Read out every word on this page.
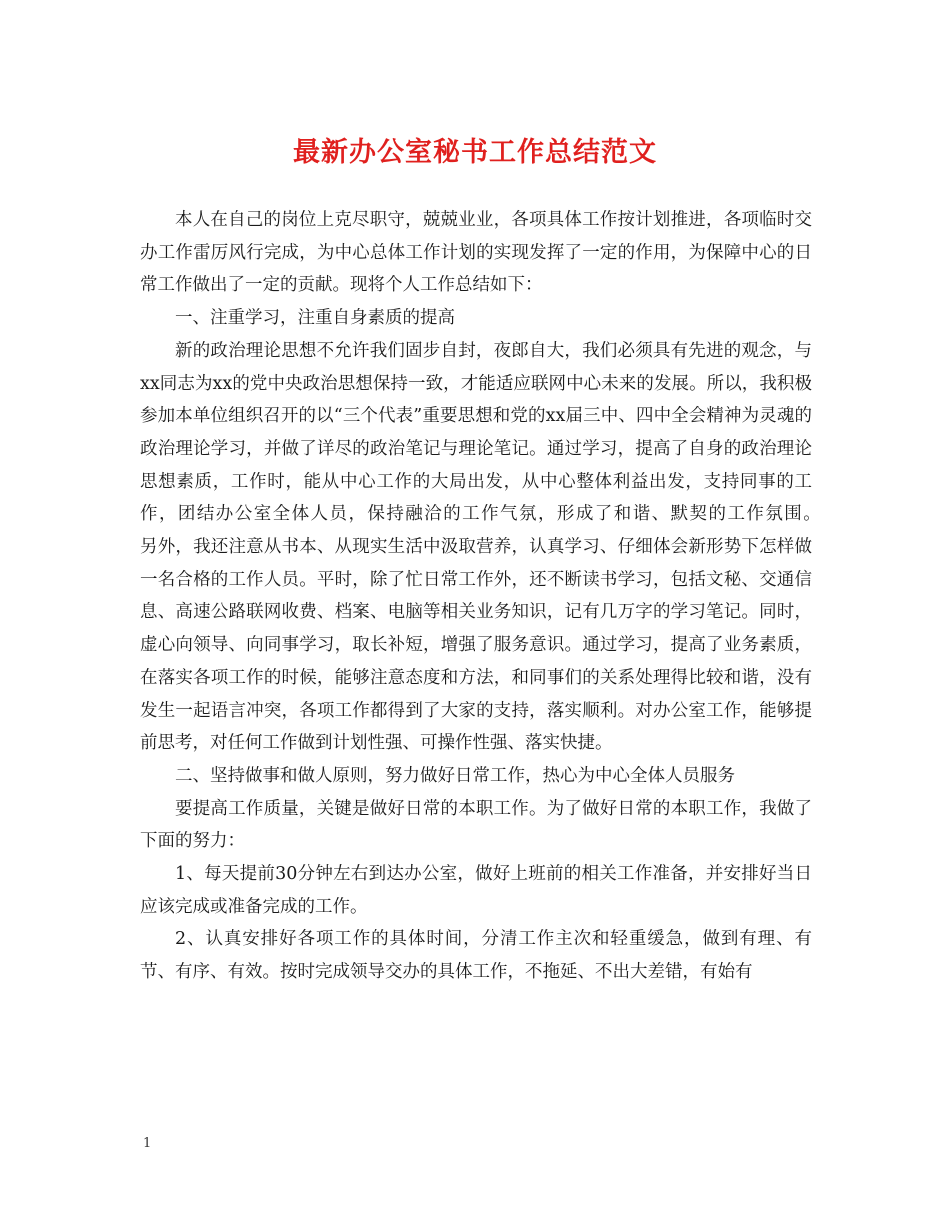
最新办公室秘书工作总结范文

本人在自己的岗位上克尽职守，兢兢业业，各项具体工作按计划推进，各项临时交办工作雷厉风行完成，为中心总体工作计划的实现发挥了一定的作用，为保障中心的日常工作做出了一定的贡献。现将个人工作总结如下：

一、注重学习，注重自身素质的提高

新的政治理论思想不允许我们固步自封，夜郎自大，我们必须具有先进的观念，与xx同志为xx的党中央政治思想保持一致，才能适应联网中心未来的发展。所以，我积极参加本单位组织召开的以“三个代表”重要思想和党的xx届三中、四中全会精神为灵魂的政治理论学习，并做了详尽的政治笔记与理论笔记。通过学习，提高了自身的政治理论思想素质，工作时，能从中心工作的大局出发，从中心整体利益出发，支持同事的工作，团结办公室全体人员，保持融洽的工作气氛，形成了和谐、默契的工作氛围。　　另外，我还注意从书本、从现实生活中汲取营养，认真学习、仔细体会新形势下怎样做一名合格的工作人员。平时，除了忙日常工作外，还不断读书学习，包括文秘、交通信息、高速公路联网收费、档案、电脑等相关业务知识，记有几万字的学习笔记。同时，虚心向领导、向同事学习，取长补短，增强了服务意识。通过学习，提高了业务素质，在落实各项工作的时候，能够注意态度和方法，和同事们的关系处理得比较和谐，没有发生一起语言冲突，各项工作都得到了大家的支持，落实顺利。对办公室工作，能够提前思考，对任何工作做到计划性强、可操作性强、落实快捷。

二、坚持做事和做人原则，努力做好日常工作，热心为中心全体人员服务

要提高工作质量，关键是做好日常的本职工作。为了做好日常的本职工作，我做了下面的努力：

1、每天提前30分钟左右到达办公室，做好上班前的相关工作准备，并安排好当日应该完成或准备完成的工作。

2、认真安排好各项工作的具体时间，分清工作主次和轻重缓急，做到有理、有节、有序、有效。按时完成领导交办的具体工作，不拖延、不出大差错，有始有

1
